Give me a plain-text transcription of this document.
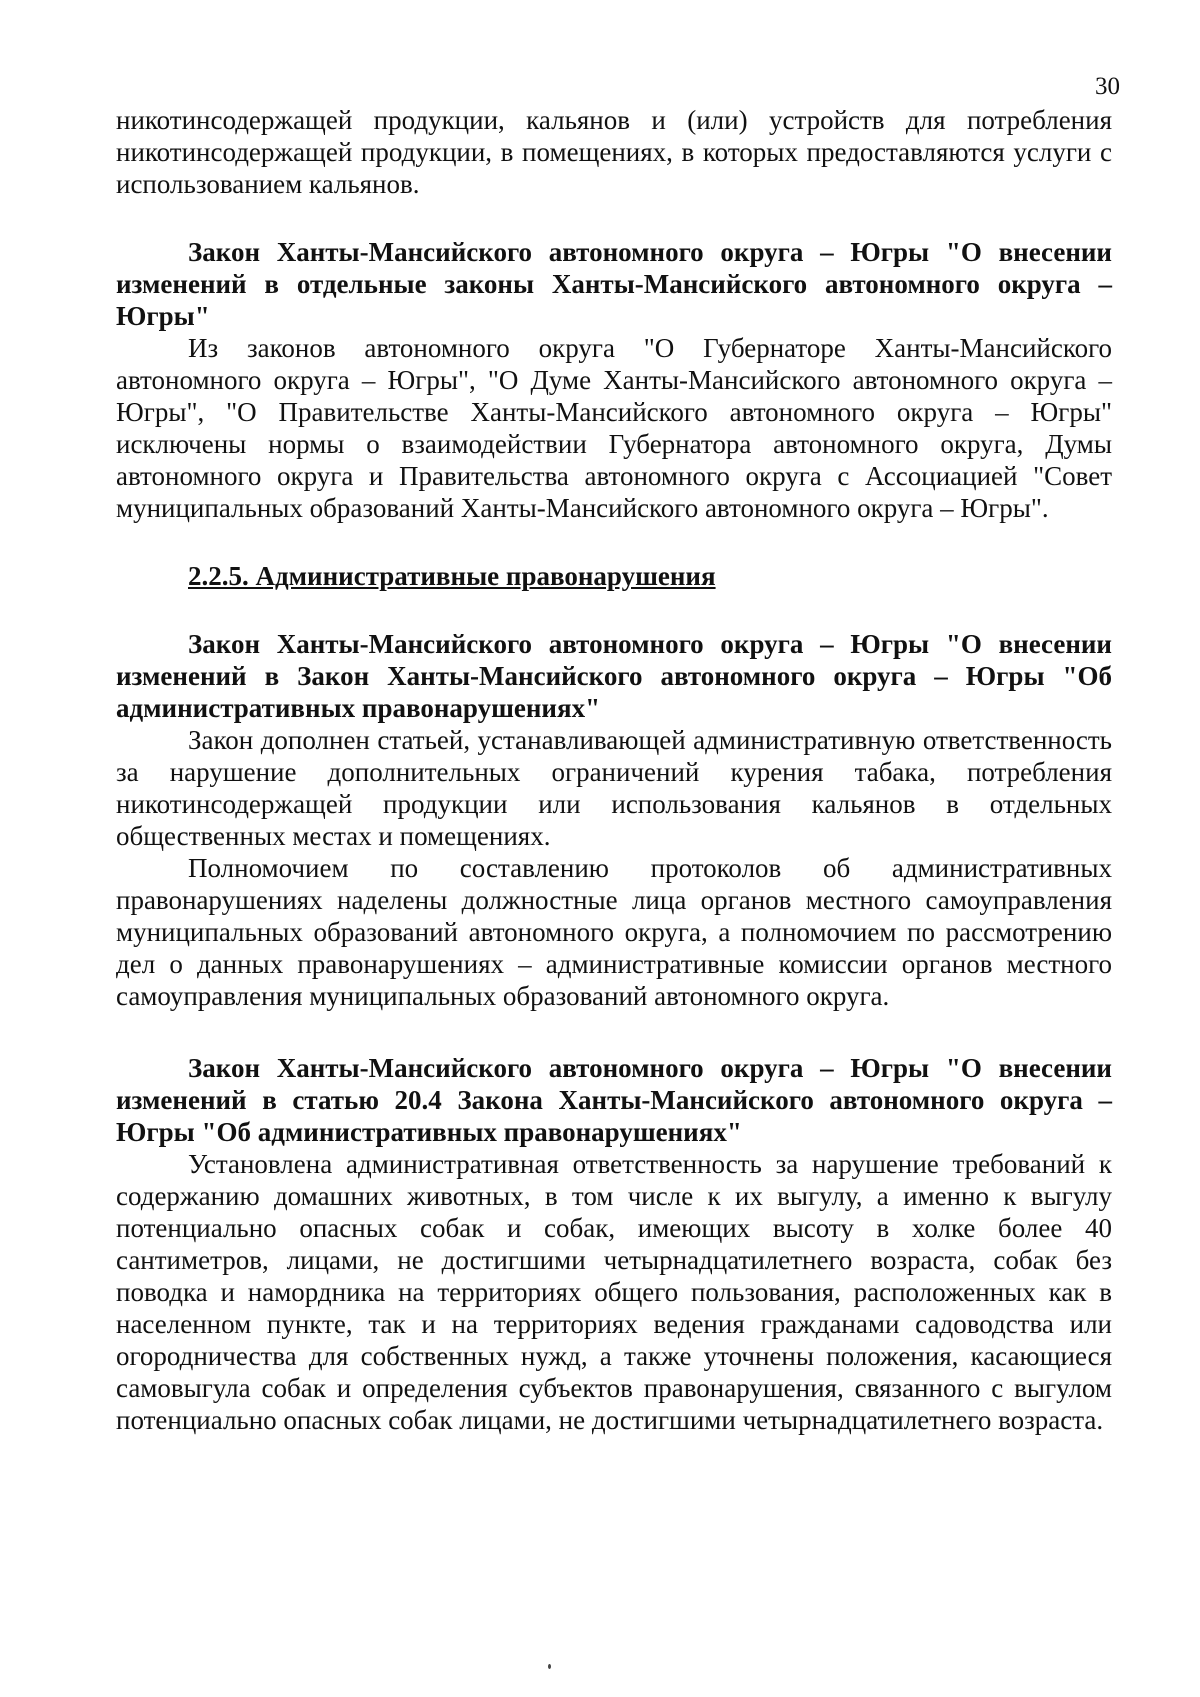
30

никотинсодержащей продукции, кальянов и (или) устройств для потребления никотинсодержащей продукции, в помещениях, в которых предоставляются услуги с использованием кальянов.

Закон Ханты-Мансийского автономного округа – Югры "О внесении изменений в отдельные законы Ханты-Мансийского автономного округа – Югры"

Из законов автономного округа "О Губернаторе Ханты-Мансийского автономного округа – Югры", "О Думе Ханты-Мансийского автономного округа – Югры", "О Правительстве Ханты-Мансийского автономного округа – Югры" исключены нормы о взаимодействии Губернатора автономного округа, Думы автономного округа и Правительства автономного округа с Ассоциацией "Совет муниципальных образований Ханты-Мансийского автономного округа – Югры".

2.2.5. Административные правонарушения

Закон Ханты-Мансийского автономного округа – Югры "О внесении изменений в Закон Ханты-Мансийского автономного округа – Югры "Об административных правонарушениях"

Закон дополнен статьей, устанавливающей административную ответственность за нарушение дополнительных ограничений курения табака, потребления никотинсодержащей продукции или использования кальянов в отдельных общественных местах и помещениях.

Полномочием по составлению протоколов об административных правонарушениях наделены должностные лица органов местного самоуправления муниципальных образований автономного округа, а полномочием по рассмотрению дел о данных правонарушениях – административные комиссии органов местного самоуправления муниципальных образований автономного округа.

Закон Ханты-Мансийского автономного округа – Югры "О внесении изменений в статью 20.4 Закона Ханты-Мансийского автономного округа – Югры "Об административных правонарушениях"

Установлена административная ответственность за нарушение требований к содержанию домашних животных, в том числе к их выгулу, а именно к выгулу потенциально опасных собак и собак, имеющих высоту в холке более 40 сантиметров, лицами, не достигшими четырнадцатилетнего возраста, собак без поводка и намордника на территориях общего пользования, расположенных как в населенном пункте, так и на территориях ведения гражданами садоводства или огородничества для собственных нужд, а также уточнены положения, касающиеся самовыгула собак и определения субъектов правонарушения, связанного с выгулом потенциально опасных собак лицами, не достигшими четырнадцатилетнего возраста.
